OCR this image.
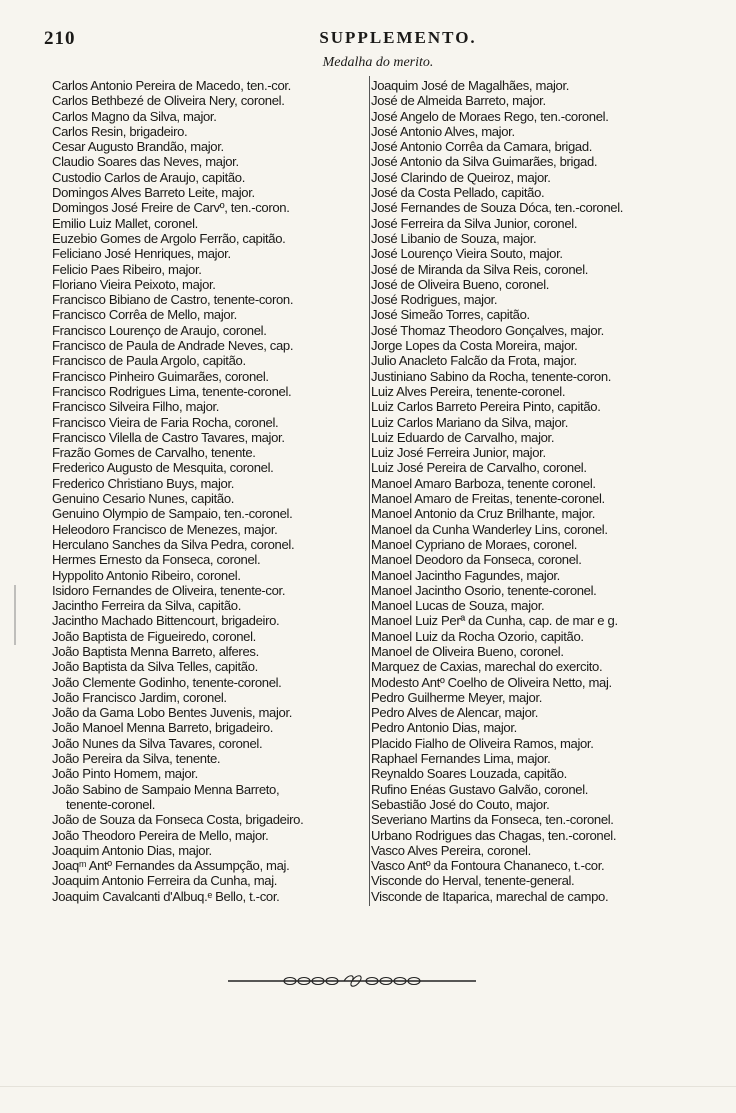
210	SUPPLEMENTO.
Medalha do merito.
Carlos Antonio Pereira de Macedo, ten.-cor.
Carlos Bethbezé de Oliveira Nery, coronel.
Carlos Magno da Silva, major.
Carlos Resin, brigadeiro.
Cesar Augusto Brandão, major.
Claudio Soares das Neves, major.
Custodio Carlos de Araujo, capitão.
Domingos Alves Barreto Leite, major.
Domingos José Freire de Carvº, ten.-coron.
Emilio Luiz Mallet, coronel.
Euzebio Gomes de Argolo Ferrão, capitão.
Feliciano José Henriques, major.
Felicio Paes Ribeiro, major.
Floriano Vieira Peixoto, major.
Francisco Bibiano de Castro, tenente-coron.
Francisco Corrêa de Mello, major.
Francisco Lourenço de Araujo, coronel.
Francisco de Paula de Andrade Neves, cap.
Francisco de Paula Argolo, capitão.
Francisco Pinheiro Guimarães, coronel.
Francisco Rodrigues Lima, tenente-coronel.
Francisco Silveira Filho, major.
Francisco Vieira de Faria Rocha, coronel.
Francisco Vilella de Castro Tavares, major.
Frazão Gomes de Carvalho, tenente.
Frederico Augusto de Mesquita, coronel.
Frederico Christiano Buys, major.
Genuino Cesario Nunes, capitão.
Genuino Olympio de Sampaio, ten.-coronel.
Heleodoro Francisco de Menezes, major.
Herculano Sanches da Silva Pedra, coronel.
Hermes Ernesto da Fonseca, coronel.
Hyppolito Antonio Ribeiro, coronel.
Isidoro Fernandes de Oliveira, tenente-cor.
Jacintho Ferreira da Silva, capitão.
Jacintho Machado Bittencourt, brigadeiro.
João Baptista de Figueiredo, coronel.
João Baptista Menna Barreto, alferes.
João Baptista da Silva Telles, capitão.
João Clemente Godinho, tenente-coronel.
João Francisco Jardim, coronel.
João da Gama Lobo Bentes Juvenis, major.
João Manoel Menna Barreto, brigadeiro.
João Nunes da Silva Tavares, coronel.
João Pereira da Silva, tenente.
João Pinto Homem, major.
João Sabino de Sampaio Menna Barreto,
tenente-coronel.
João de Souza da Fonseca Costa, brigadeiro.
João Theodoro Pereira de Mello, major.
Joaquim Antonio Dias, major.
Joaqᵐ Antº Fernandes da Assumpção, maj.
Joaquim Antonio Ferreira da Cunha, maj.
Joaquim Cavalcanti d'Albuq.ᵉ Bello, t.-cor.
Joaquim José de Magalhães, major.
José de Almeida Barreto, major.
José Angelo de Moraes Rego, ten.-coronel.
José Antonio Alves, major.
José Antonio Corrêa da Camara, brigad.
José Antonio da Silva Guimarães, brigad.
José Clarindo de Queiroz, major.
José da Costa Pellado, capitão.
José Fernandes de Souza Dóca, ten.-coronel.
José Ferreira da Silva Junior, coronel.
José Libanio de Souza, major.
José Lourenço Vieira Souto, major.
José de Miranda da Silva Reis, coronel.
José de Oliveira Bueno, coronel.
José Rodrigues, major.
José Simeão Torres, capitão.
José Thomaz Theodoro Gonçalves, major.
Jorge Lopes da Costa Moreira, major.
Julio Anacleto Falcão da Frota, major.
Justiniano Sabino da Rocha, tenente-coron.
Luiz Alves Pereira, tenente-coronel.
Luiz Carlos Barreto Pereira Pinto, capitão.
Luiz Carlos Mariano da Silva, major.
Luiz Eduardo de Carvalho, major.
Luiz José Ferreira Junior, major.
Luiz José Pereira de Carvalho, coronel.
Manoel Amaro Barboza, tenente coronel.
Manoel Amaro de Freitas, tenente-coronel.
Manoel Antonio da Cruz Brilhante, major.
Manoel da Cunha Wanderley Lins, coronel.
Manoel Cypriano de Moraes, coronel.
Manoel Deodoro da Fonseca, coronel.
Manoel Jacintho Fagundes, major.
Manoel Jacintho Osorio, tenente-coronel.
Manoel Lucas de Souza, major.
Manoel Luiz Perª da Cunha, cap. de mar e g.
Manoel Luiz da Rocha Ozorio, capitão.
Manoel de Oliveira Bueno, coronel.
Marquez de Caxias, marechal do exercito.
Modesto Antº Coelho de Oliveira Netto, maj.
Pedro Guilherme Meyer, major.
Pedro Alves de Alencar, major.
Pedro Antonio Dias, major.
Placido Fialho de Oliveira Ramos, major.
Raphael Fernandes Lima, major.
Reynaldo Soares Louzada, capitão.
Rufino Enéas Gustavo Galvão, coronel.
Sebastião José do Couto, major.
Severiano Martins da Fonseca, ten.-coronel.
Urbano Rodrigues das Chagas, ten.-coronel.
Vasco Alves Pereira, coronel.
Vasco Antº da Fontoura Chananeco, t.-cor.
Visconde do Herval, tenente-general.
Visconde de Itaparica, marechal de campo.
